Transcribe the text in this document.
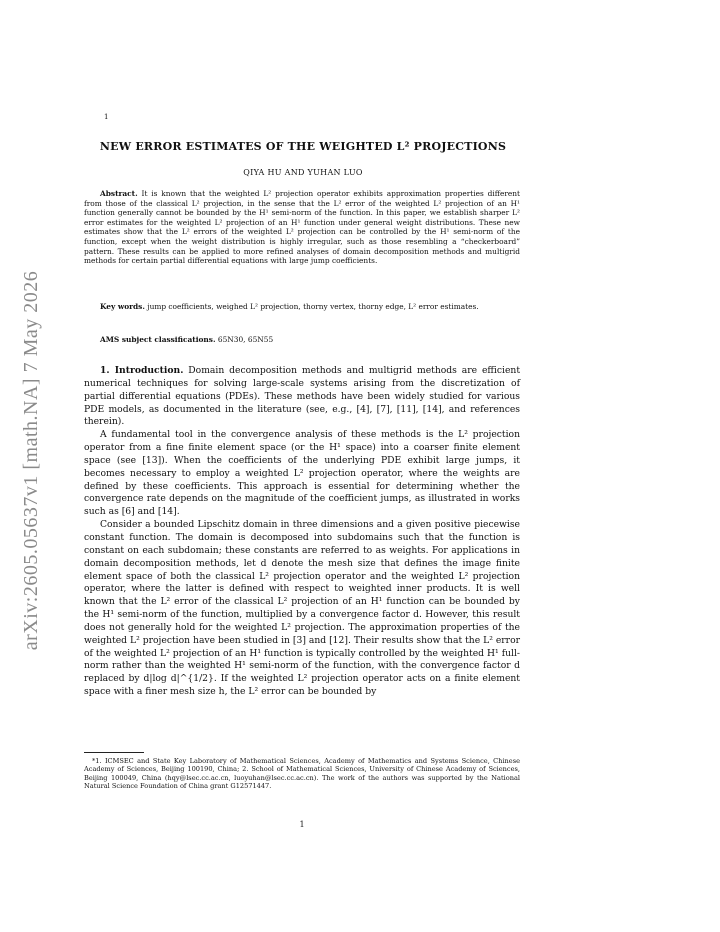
1
arXiv:2605.05637v1 [math.NA] 7 May 2026
NEW ERROR ESTIMATES OF THE WEIGHTED L² PROJECTIONS
QIYA HU AND YUHAN LUO
Abstract. It is known that the weighted L² projection operator exhibits approximation properties different from those of the classical L² projection, in the sense that the L² error of the weighted L² projection of an H¹ function generally cannot be bounded by the H¹ semi-norm of the function. In this paper, we establish sharper L² error estimates for the weighted L² projection of an H¹ function under general weight distributions. These new estimates show that the L² errors of the weighted L² projection can be controlled by the H¹ semi-norm of the function, except when the weight distribution is highly irregular, such as those resembling a “checkerboard” pattern. These results can be applied to more refined analyses of domain decomposition methods and multigrid methods for certain partial differential equations with large jump coefficients.
Key words. jump coefficients, weighed L² projection, thorny vertex, thorny edge, L² error estimates.
AMS subject classifications. 65N30, 65N55

1. Introduction. Domain decomposition methods and multigrid methods are efficient numerical techniques for solving large-scale systems arising from the discretization of partial differential equations (PDEs). These methods have been widely studied for various PDE models, as documented in the literature (see, e.g., [4], [7], [11], [14], and references therein).

A fundamental tool in the convergence analysis of these methods is the L² projection operator from a fine finite element space (or the H¹ space) into a coarser finite element space (see [13]). When the coefficients of the underlying PDE exhibit large jumps, it becomes necessary to employ a weighted L² projection operator, where the weights are defined by these coefficients. This approach is essential for determining whether the convergence rate depends on the magnitude of the coefficient jumps, as illustrated in works such as [6] and [14].

Consider a bounded Lipschitz domain in three dimensions and a given positive piecewise constant function. The domain is decomposed into subdomains such that the function is constant on each subdomain; these constants are referred to as weights. For applications in domain decomposition methods, let d denote the mesh size that defines the image finite element space of both the classical L² projection operator and the weighted L² projection operator, where the latter is defined with respect to weighted inner products. It is well known that the L² error of the classical L² projection of an H¹ function can be bounded by the H¹ semi-norm of the function, multiplied by a convergence factor d. However, this result does not generally hold for the weighted L² projection. The approximation properties of the weighted L² projection have been studied in [3] and [12]. Their results show that the L² error of the weighted L² projection of an H¹ function is typically controlled by the weighted H¹ full-norm rather than the weighted H¹ semi-norm of the function, with the convergence factor d replaced by d|log d|^{1/2}. If the weighted L² projection operator acts on a finite element space with a finer mesh size h, the L² error can be bounded by

*1. ICMSEC and State Key Laboratory of Mathematical Sciences, Academy of Mathematics and Systems Science, Chinese Academy of Sciences, Beijing 100190, China; 2. School of Mathematical Sciences, University of Chinese Academy of Sciences, Beijing 100049, China (hqy@lsec.cc.ac.cn, luoyuhan@lsec.cc.ac.cn). The work of the authors was supported by the National Natural Science Foundation of China grant G12571447.
1
